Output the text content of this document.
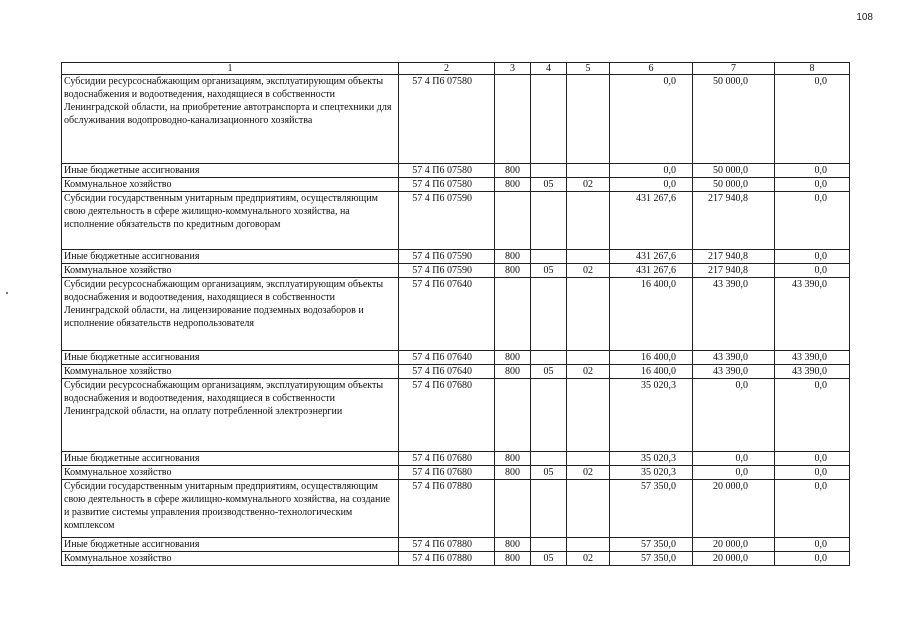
108
1	2	3	4	5	6	7	8
Субсидии ресурсоснабжающим организациям, эксплуатирующим объекты водоснабжения и водоотведения, находящиеся в собственности Ленинградской области, на приобретение автотранспорта и спецтехники для обслуживания водопроводно-канализационного хозяйства	57 4 П6 07580				0,0	50 000,0	0,0
Иные бюджетные ассигнования	57 4 П6 07580	800			0,0	50 000,0	0,0
Коммунальное хозяйство	57 4 П6 07580	800	05	02	0,0	50 000,0	0,0
Субсидии государственным унитарным предприятиям, осуществляющим свою деятельность в сфере жилищно-коммунального хозяйства, на исполнение обязательств по кредитным договорам	57 4 П6 07590				431 267,6	217 940,8	0,0
Иные бюджетные ассигнования	57 4 П6 07590	800			431 267,6	217 940,8	0,0
Коммунальное хозяйство	57 4 П6 07590	800	05	02	431 267,6	217 940,8	0,0
Субсидии ресурсоснабжающим организациям, эксплуатирующим объекты водоснабжения и водоотведения, находящиеся в собственности Ленинградской области, на лицензирование подземных водозаборов и исполнение обязательств недропользователя	57 4 П6 07640				16 400,0	43 390,0	43 390,0
Иные бюджетные ассигнования	57 4 П6 07640	800			16 400,0	43 390,0	43 390,0
Коммунальное хозяйство	57 4 П6 07640	800	05	02	16 400,0	43 390,0	43 390,0
Субсидии ресурсоснабжающим организациям, эксплуатирующим объекты водоснабжения и водоотведения, находящиеся в собственности Ленинградской области, на оплату потребленной электроэнергии	57 4 П6 07680				35 020,3	0,0	0,0
Иные бюджетные ассигнования	57 4 П6 07680	800			35 020,3	0,0	0,0
Коммунальное хозяйство	57 4 П6 07680	800	05	02	35 020,3	0,0	0,0
Субсидии государственным унитарным предприятиям, осуществляющим свою деятельность в сфере жилищно-коммунального хозяйства, на создание и развитие системы управления производственно-технологическим комплексом	57 4 П6 07880				57 350,0	20 000,0	0,0
Иные бюджетные ассигнования	57 4 П6 07880	800			57 350,0	20 000,0	0,0
Коммунальное хозяйство	57 4 П6 07880	800	05	02	57 350,0	20 000,0	0,0
